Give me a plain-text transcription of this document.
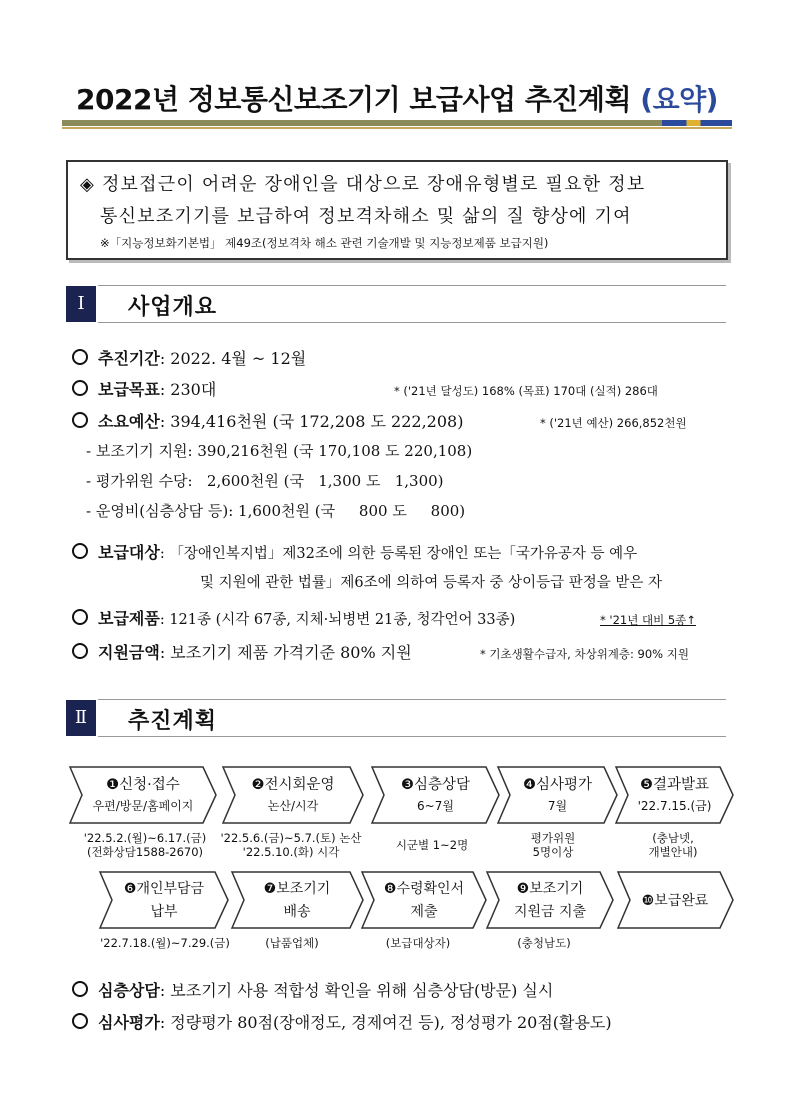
2022년 정보통신보조기기 보급사업 추진계획 (요약)
◈ 정보접근이 어려운 장애인을 대상으로 장애유형별로 필요한 정보
통신보조기기를 보급하여 정보격차해소 및 삶의 질 향상에 기여
※「지능정보화기본법」 제49조(정보격차 해소 관련 기술개발 및 지능정보제품 보급지원)
Ⅰ	사업개요
추진기간: 2022. 4월 ~ 12월
보급목표: 230대	* ('21년 달성도) 168% (목표) 170대 (실적) 286대
소요예산: 394,416천원 (국 172,208 도 222,208)	* ('21년 예산) 266,852천원
- 보조기기 지원: 390,216천원 (국 170,108 도 220,108)
- 평가위원 수당:   2,600천원 (국   1,300 도   1,300)
- 운영비(심층상담 등): 1,600천원 (국     800 도     800)
보급대상: 「장애인복지법」제32조에 의한 등록된 장애인 또는「국가유공자 등 예우
및 지원에 관한 법률」제6조에 의하여 등록자 중 상이등급 판정을 받은 자
보급제품: 121종 (시각 67종, 지체·뇌병변 21종, 청각언어 33종)	* '21년 대비 5종↑
지원금액: 보조기기 제품 가격기준 80% 지원	* 기초생활수급자, 차상위계층: 90% 지원
Ⅱ	추진계획
❶신청·접수
우편/방문/홈페이지
❷전시회운영
논산/시각
❸심층상담
6~7월
❹심사평가
7월
❺결과발표
'22.7.15.(금)
'22.5.2.(월)~6.17.(금)
(전화상담1588-2670)
'22.5.6.(금)~5.7.(토) 논산
'22.5.10.(화) 시각	시군별 1~2명	평가위원
5명이상
(충남넷,
개별안내)
❻개인부담금
납부
❼보조기기
배송
❽수령확인서
제출
❾보조기기
지원금 지출
❿보급완료
'22.7.18.(월)~7.29.(금)	(납품업체)	(보급대상자)	(충청남도)
심층상담: 보조기기 사용 적합성 확인을 위해 심층상담(방문) 실시
심사평가: 정량평가 80점(장애정도, 경제여건 등), 정성평가 20점(활용도)
